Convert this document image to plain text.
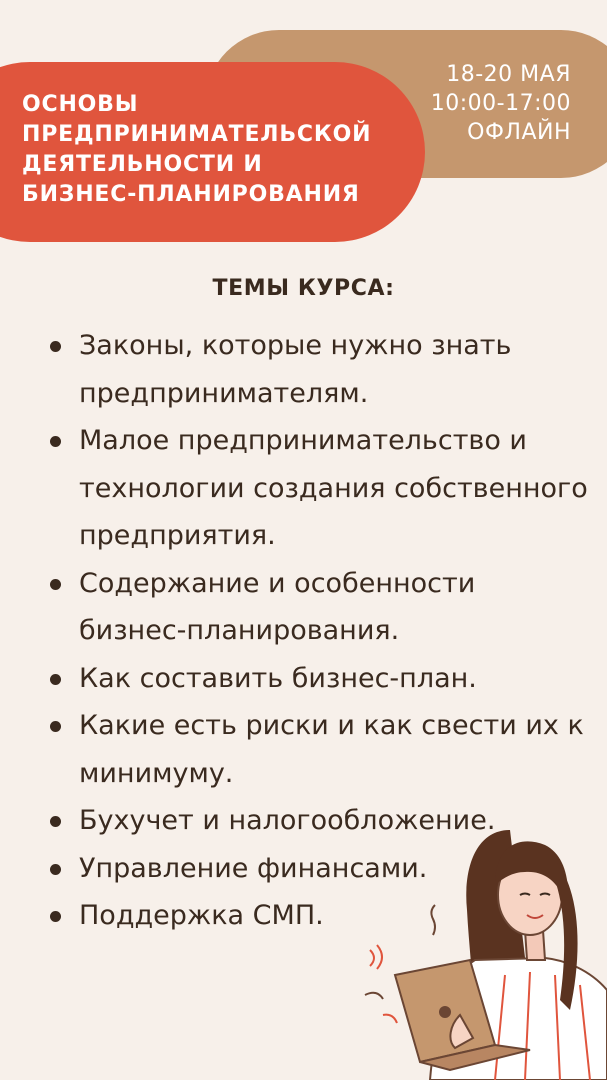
18-20 МАЯ
10:00-17:00
ОФЛАЙН
ОСНОВЫ
ПРЕДПРИНИМАТЕЛЬСКОЙ
ДЕЯТЕЛЬНОСТИ И
БИЗНЕС-ПЛАНИРОВАНИЯ
ТЕМЫ КУРСА:
Законы, которые нужно знать предпринимателям.
Малое предпринимательство и технологии создания собственного предприятия.
Содержание и особенности бизнес-планирования.
Как составить бизнес-план.
Какие есть риски и как свести их к минимуму.
Бухучет и налогообложение.
Управление финансами.
Поддержка СМП.
